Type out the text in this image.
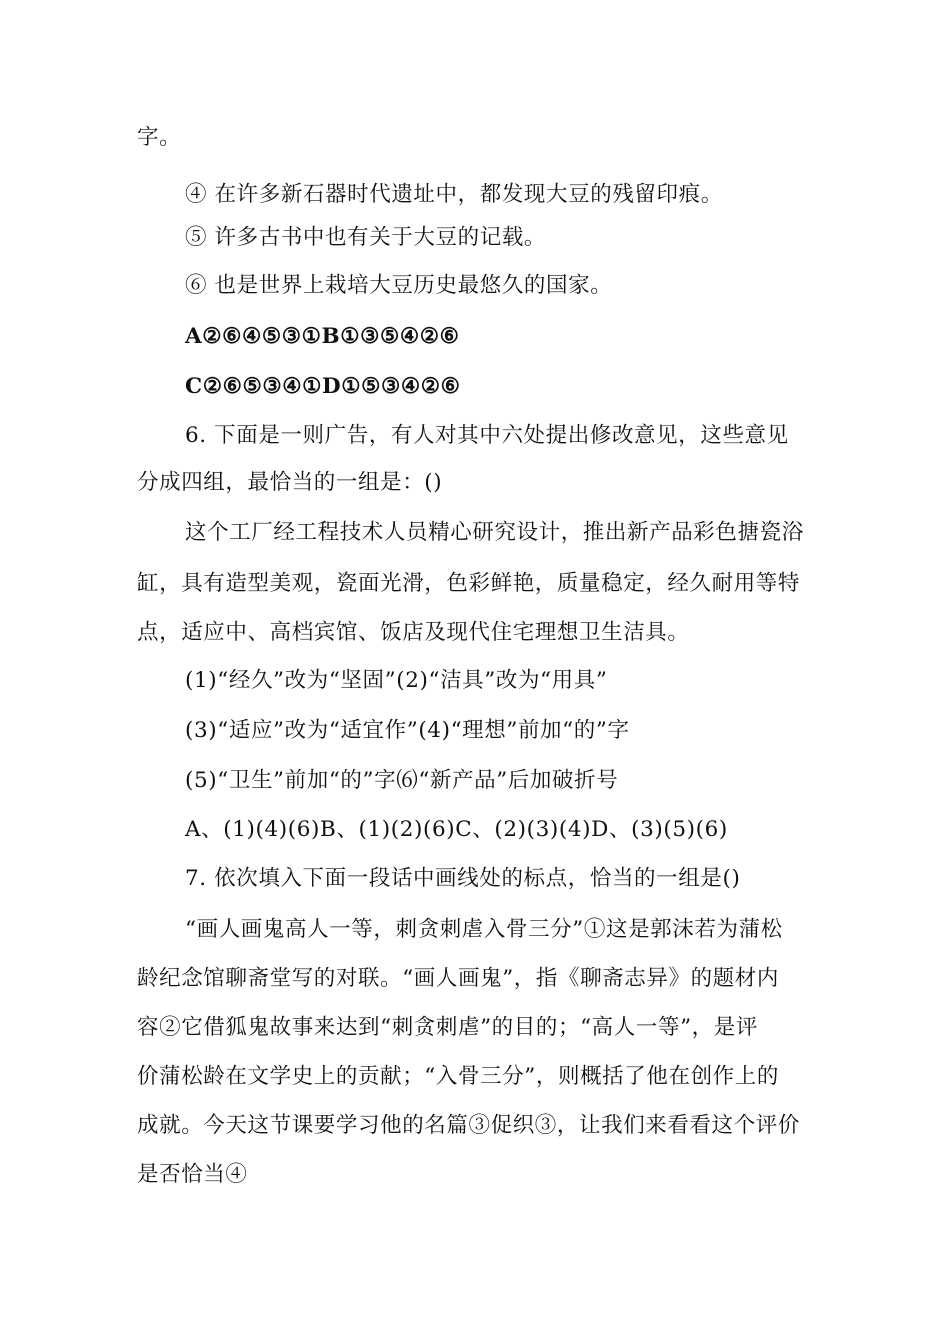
字。
④ 在许多新石器时代遗址中，都发现大豆的残留印痕。
⑤ 许多古书中也有关于大豆的记载。
⑥ 也是世界上栽培大豆历史最悠久的国家。
A②⑥④⑤③①B①③⑤④②⑥
C②⑥⑤③④①D①⑤③④②⑥
6. 下面是一则广告，有人对其中六处提出修改意见，这些意见
分成四组，最恰当的一组是：()
这个工厂经工程技术人员精心研究设计，推出新产品彩色搪瓷浴
缸，具有造型美观，瓷面光滑，色彩鲜艳，质量稳定，经久耐用等特
点，适应中、高档宾馆、饭店及现代住宅理想卫生洁具。
(1)“经久”改为“坚固”(2)“洁具”改为“用具”
(3)“适应”改为“适宜作”(4)“理想”前加“的”字
(5)“卫生”前加“的”字⑹“新产品”后加破折号
A、(1)(4)(6)B、(1)(2)(6)C、(2)(3)(4)D、(3)(5)(6)
7. 依次填入下面一段话中画线处的标点，恰当的一组是()
“画人画鬼高人一等，刺贪刺虐入骨三分”①这是郭沫若为蒲松
龄纪念馆聊斋堂写的对联。“画人画鬼”，指《聊斋志异》的题材内
容②它借狐鬼故事来达到“刺贪刺虐”的目的；“高人一等”，是评
价蒲松龄在文学史上的贡献；“入骨三分”，则概括了他在创作上的
成就。今天这节课要学习他的名篇③促织③，让我们来看看这个评价
是否恰当④
